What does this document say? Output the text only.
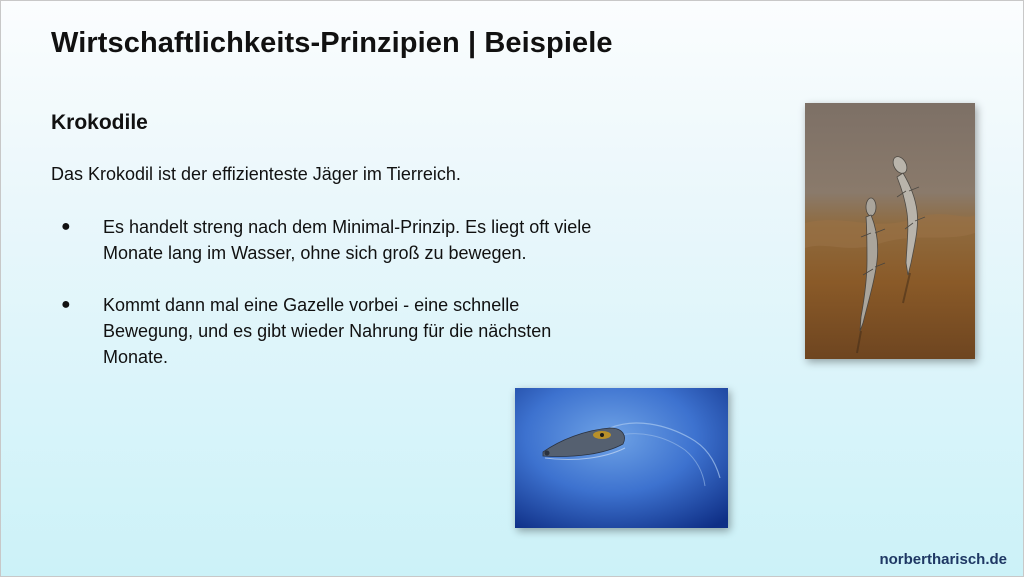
Wirtschaftlichkeits-Prinzipien | Beispiele
Krokodile
Das Krokodil ist der effizienteste Jäger im Tierreich.
● Es handelt streng nach dem Minimal-Prinzip. Es liegt oft viele Monate lang im Wasser, ohne sich groß zu bewegen.
● Kommt dann mal eine Gazelle vorbei - eine schnelle Bewegung, und es gibt wieder Nahrung für die nächsten Monate.
norbertharisch.de
